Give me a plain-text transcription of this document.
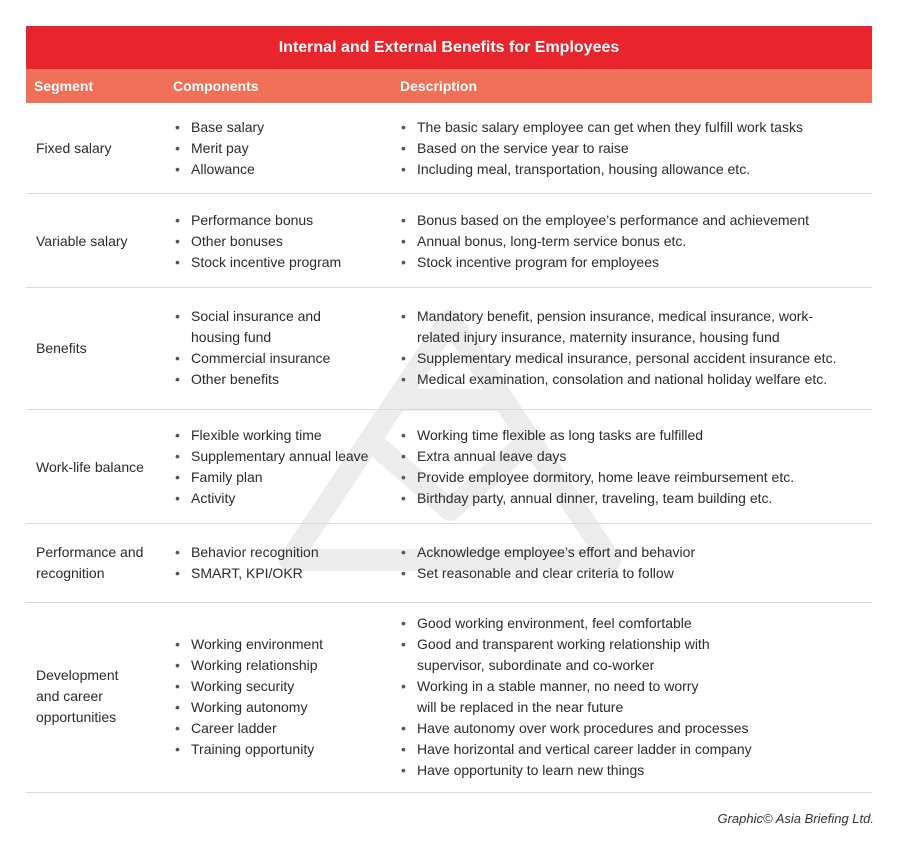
Internal and External Benefits for Employees
Segment	Components	Description
Fixed salary
• Base salary
• Merit pay
• Allowance
• The basic salary employee can get when they fulfill work tasks
• Based on the service year to raise
• Including meal, transportation, housing allowance etc.
Variable salary
• Performance bonus
• Other bonuses
• Stock incentive program
• Bonus based on the employee’s performance and achievement
• Annual bonus, long-term service bonus etc.
• Stock incentive program for employees
Benefits
• Social insurance and
housing fund
• Commercial insurance
• Other benefits
• Mandatory benefit, pension insurance, medical insurance, work-
related injury insurance, maternity insurance, housing fund
• Supplementary medical insurance, personal accident insurance etc.
• Medical examination, consolation and national holiday welfare etc.
Work-life balance
• Flexible working time
• Supplementary annual leave
• Family plan
• Activity
• Working time flexible as long tasks are fulfilled
• Extra annual leave days
• Provide employee dormitory, home leave reimbursement etc.
• Birthday party, annual dinner, traveling, team building etc.
Performance and
recognition
• Behavior recognition
• SMART, KPI/OKR
• Acknowledge employee’s effort and behavior
• Set reasonable and clear criteria to follow
Development
and career
opportunities
• Working environment
• Working relationship
• Working security
• Working autonomy
• Career ladder
• Training opportunity
• Good working environment, feel comfortable
• Good and transparent working relationship with
supervisor, subordinate and co-worker
• Working in a stable manner, no need to worry
will be replaced in the near future
• Have autonomy over work procedures and processes
• Have horizontal and vertical career ladder in company
• Have opportunity to learn new things
Graphic© Asia Briefing Ltd.
